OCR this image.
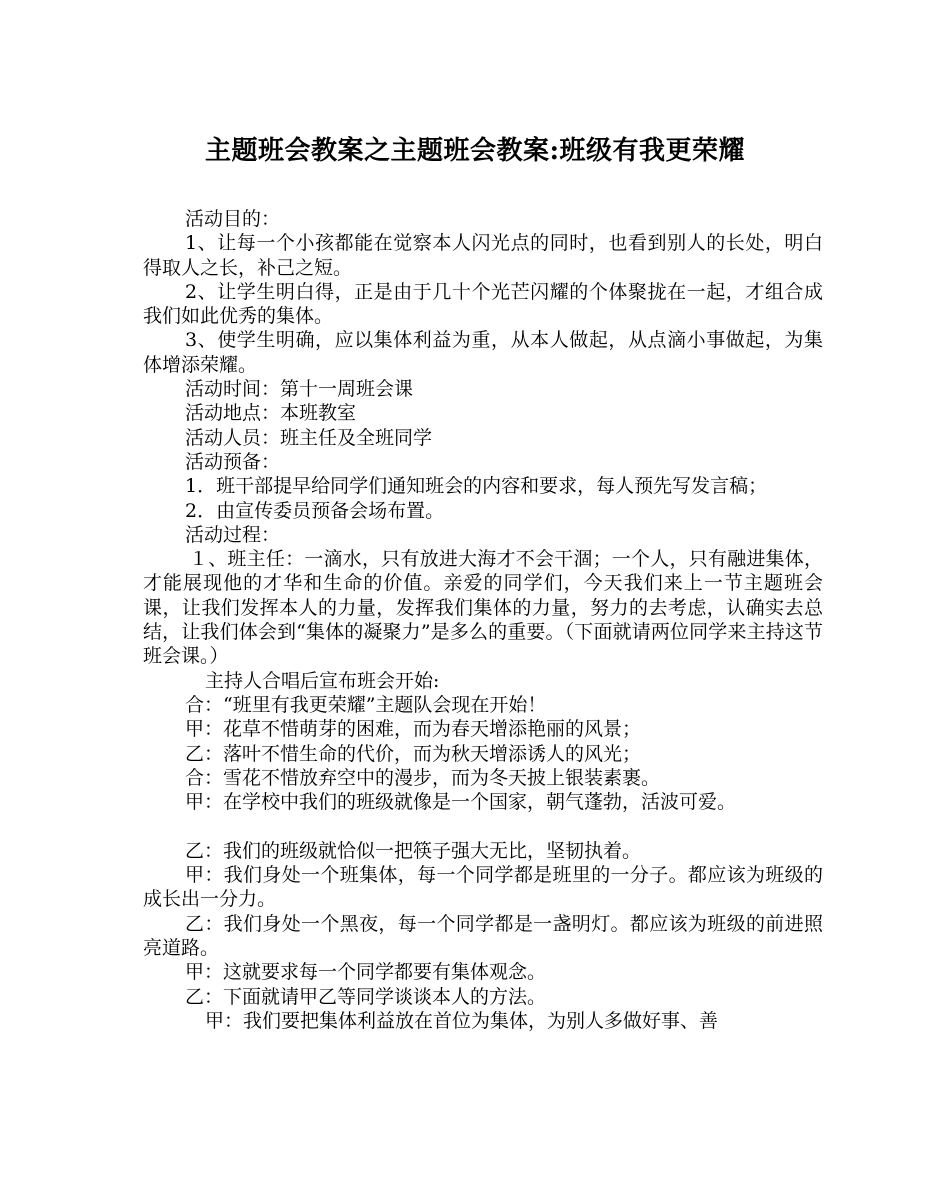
主题班会教案之主题班会教案:班级有我更荣耀

活动目的：

1、让每一个小孩都能在觉察本人闪光点的同时，也看到别人的长处，明白得取人之长，补己之短。

2、让学生明白得，正是由于几十个光芒闪耀的个体聚拢在一起，才组合成我们如此优秀的集体。

3、使学生明确，应以集体利益为重，从本人做起，从点滴小事做起，为集体增添荣耀。

活动时间：第十一周班会课

活动地点：本班教室

活动人员：班主任及全班同学

活动预备：

1．班干部提早给同学们通知班会的内容和要求，每人预先写发言稿；

2．由宣传委员预备会场布置。

活动过程：

１、班主任：一滴水，只有放进大海才不会干涸；一个人，只有融进集体，才能展现他的才华和生命的价值。亲爱的同学们，今天我们来上一节主题班会课，让我们发挥本人的力量，发挥我们集体的力量，努力的去考虑，认确实去总结，让我们体会到“集体的凝聚力”是多么的重要。（下面就请两位同学来主持这节班会课。）

主持人合唱后宣布班会开始:

合：“班里有我更荣耀”主题队会现在开始！

甲：花草不惜萌芽的困难，而为春天增添艳丽的风景；

乙：落叶不惜生命的代价，而为秋天增添诱人的风光；

合：雪花不惜放弃空中的漫步，而为冬天披上银装素裹。

甲：在学校中我们的班级就像是一个国家，朝气蓬勃，活波可爱。

乙：我们的班级就恰似一把筷子强大无比，坚韧执着。

甲：我们身处一个班集体，每一个同学都是班里的一分子。都应该为班级的成长出一分力。

乙：我们身处一个黑夜，每一个同学都是一盏明灯。都应该为班级的前进照亮道路。

甲：这就要求每一个同学都要有集体观念。

乙：下面就请甲乙等同学谈谈本人的方法。

甲：我们要把集体利益放在首位为集体，为别人多做好事、善
